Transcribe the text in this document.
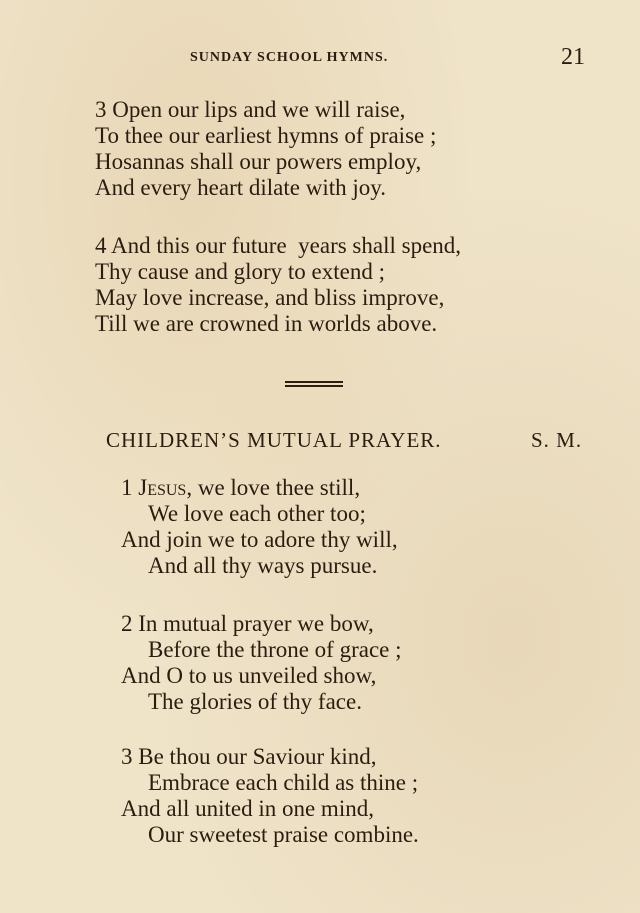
SUNDAY SCHOOL HYMNS.	21
3 Open our lips and we will raise,
To thee our earliest hymns of praise ;
Hosannas shall our powers employ,
And every heart dilate with joy.
4 And this our future  years shall spend,
Thy cause and glory to extend ;
May love increase, and bliss improve,
Till we are crowned in worlds above.
CHILDREN’S MUTUAL PRAYER.	S. M.
1 Jesus, we love thee still,
We love each other too;
And join we to adore thy will,
And all thy ways pursue.
2 In mutual prayer we bow,
Before the throne of grace ;
And O to us unveiled show,
The glories of thy face.
3 Be thou our Saviour kind,
Embrace each child as thine ;
And all united in one mind,
Our sweetest praise combine.
